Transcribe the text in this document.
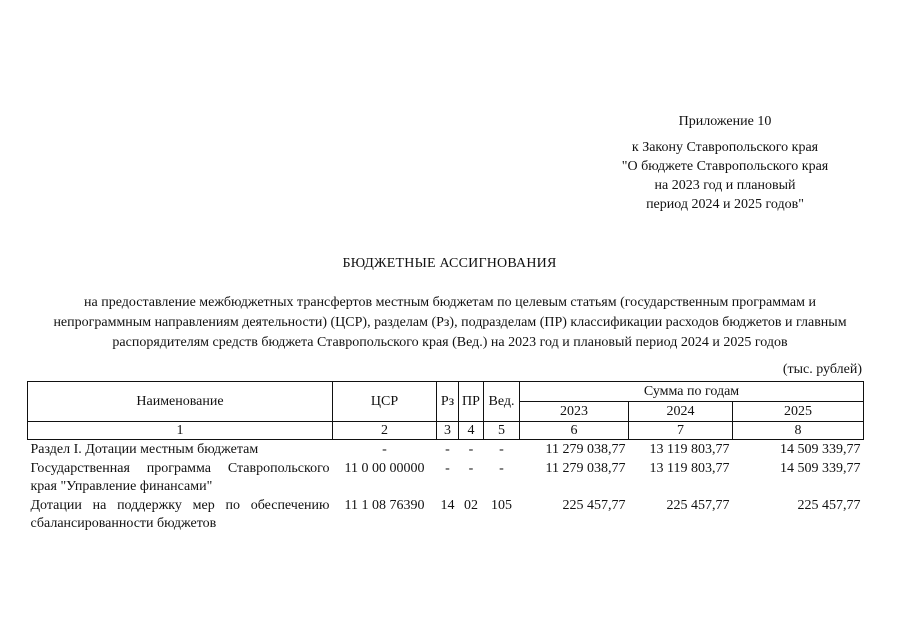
Приложение 10
к Закону Ставропольского края
"О бюджете Ставропольского края
на 2023 год и плановый
период 2024 и 2025 годов"
БЮДЖЕТНЫЕ АССИГНОВАНИЯ
на предоставление межбюджетных трансфертов местным бюджетам по целевым статьям (государственным программам и непрограммным направлениям деятельности) (ЦСР), разделам (Рз), подразделам (ПР) классификации расходов бюджетов и главным распорядителям средств бюджета Ставропольского края (Вед.) на 2023 год и плановый период 2024 и 2025 годов
(тыс. рублей)
Наименование	ЦСР	Рз	ПР	Вед.	Сумма по годам		
					2023	2024	2025
1	2	3	4	5	6	7	8
Раздел I. Дотации местным бюджетам	-	-	-	-	11 279 038,77	13 119 803,77	14 509 339,77
Государственная программа Ставропольского края "Управление финансами"	11 0 00 00000	-	-	-	11 279 038,77	13 119 803,77	14 509 339,77
Дотации на поддержку мер по обеспечению сбалансированности бюджетов	11 1 08 76390	14	02	105	225 457,77	225 457,77	225 457,77
